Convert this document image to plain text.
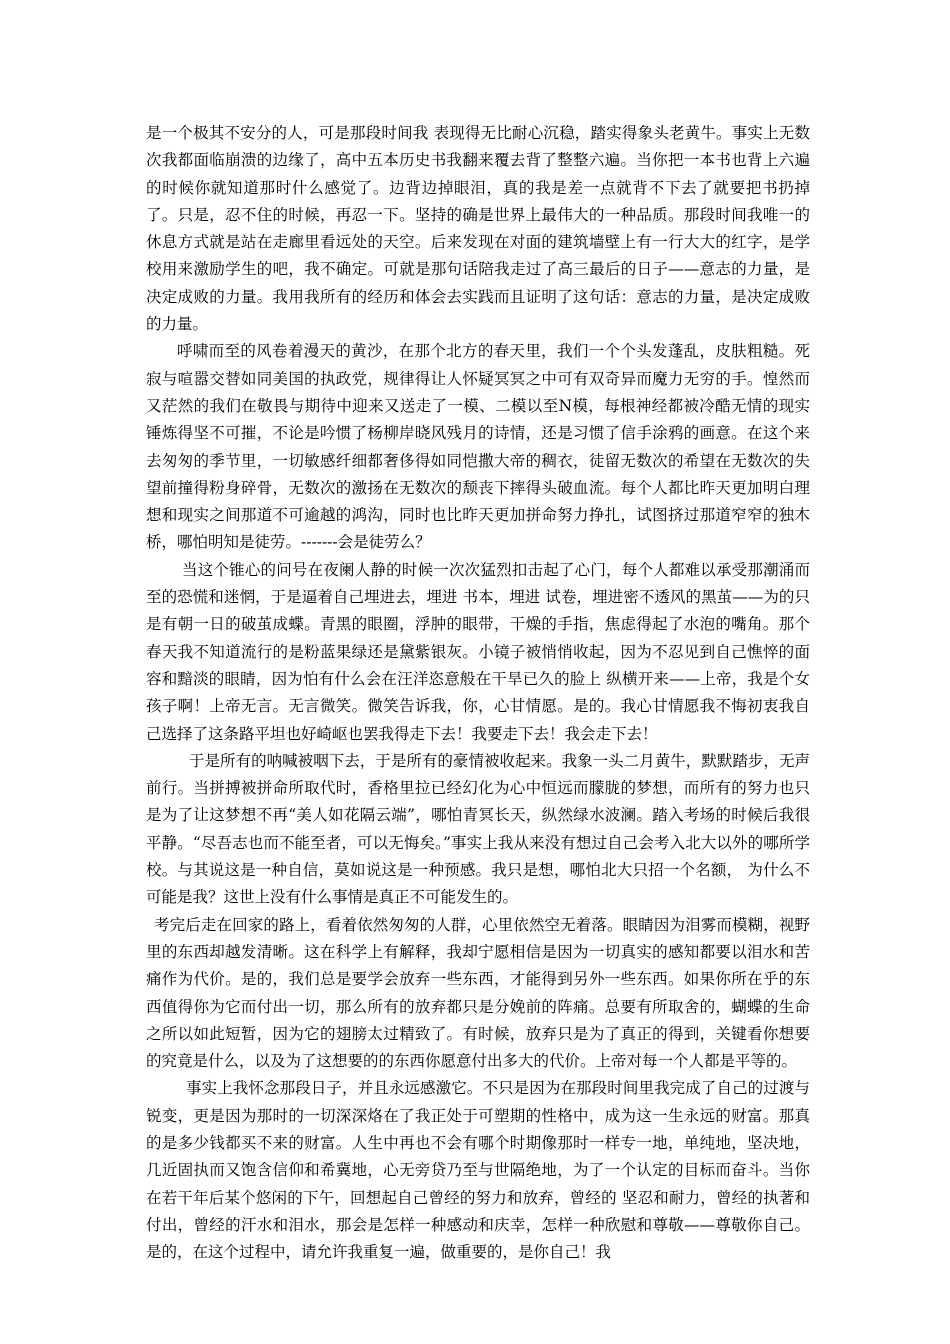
是一个极其不安分的人，可是那段时间我 表现得无比耐心沉稳，踏实得象头老黄牛。事实上无数次我都面临崩溃的边缘了，高中五本历史书我翻来覆去背了整整六遍。当你把一本书也背上六遍的时候你就知道那时什么感觉了。边背边掉眼泪，真的我是差一点就背不下去了就要把书扔掉了。只是，忍不住的时候，再忍一下。坚持的确是世界上最伟大的一种品质。那段时间我唯一的休息方式就是站在走廊里看远处的天空。后来发现在对面的建筑墙壁上有一行大大的红字，是学校用来激励学生的吧，我不确定。可就是那句话陪我走过了高三最后的日子——意志的力量，是决定成败的力量。我用我所有的经历和体会去实践而且证明了这句话：意志的力量，是决定成败的力量。

呼啸而至的风卷着漫天的黄沙，在那个北方的春天里，我们一个个头发蓬乱，皮肤粗糙。死寂与喧嚣交替如同美国的执政党，规律得让人怀疑冥冥之中可有双奇异而魔力无穷的手。惶然而又茫然的我们在敬畏与期待中迎来又送走了一模、二模以至N模，每根神经都被冷酷无情的现实锤炼得坚不可摧，不论是吟惯了杨柳岸晓风残月的诗情，还是习惯了信手涂鸦的画意。在这个来去匆匆的季节里，一切敏感纤细都奢侈得如同恺撒大帝的稠衣，徒留无数次的希望在无数次的失望前撞得粉身碎骨，无数次的激扬在无数次的颓丧下摔得头破血流。每个人都比昨天更加明白理想和现实之间那道不可逾越的鸿沟，同时也比昨天更加拼命努力挣扎，试图挤过那道窄窄的独木桥，哪怕明知是徒劳。-------会是徒劳么？

当这个锥心的问号在夜阑人静的时候一次次猛烈扣击起了心门，每个人都难以承受那潮涌而至的恐慌和迷惘，于是逼着自己埋进去，埋进 书本，埋进 试卷，埋进密不透风的黑茧——为的只是有朝一日的破茧成蝶。青黑的眼圈，浮肿的眼带，干燥的手指，焦虑得起了水泡的嘴角。那个春天我不知道流行的是粉蓝果绿还是黛紫银灰。小镜子被悄悄收起，因为不忍见到自己憔悴的面容和黯淡的眼睛，因为怕有什么会在汪洋恣意般在干旱已久的脸上 纵横开来——上帝，我是个女孩子啊！上帝无言。无言微笑。微笑告诉我，你，心甘情愿。是的。我心甘情愿我不悔初衷我自己选择了这条路平坦也好崎岖也罢我得走下去！我要走下去！我会走下去！

于是所有的呐喊被咽下去，于是所有的豪情被收起来。我象一头二月黄牛，默默踏步，无声前行。当拼搏被拼命所取代时，香格里拉已经幻化为心中恒远而朦胧的梦想，而所有的努力也只是为了让这梦想不再“美人如花隔云端”，哪怕青冥长天，纵然绿水波澜。踏入考场的时候后我很平静。“尽吾志也而不能至者，可以无悔矣。”事实上我从来没有想过自己会考入北大以外的哪所学校。与其说这是一种自信，莫如说这是一种预感。我只是想，哪怕北大只招一个名额， 为什么不可能是我？这世上没有什么事情是真正不可能发生的。

考完后走在回家的路上，看着依然匆匆的人群，心里依然空无着落。眼睛因为泪雾而模糊，视野里的东西却越发清晰。这在科学上有解释，我却宁愿相信是因为一切真实的感知都要以泪水和苦痛作为代价。是的，我们总是要学会放弃一些东西，才能得到另外一些东西。如果你所在乎的东西值得你为它而付出一切，那么所有的放弃都只是分娩前的阵痛。总要有所取舍的，蝴蝶的生命之所以如此短暂，因为它的翅膀太过精致了。有时候，放弃只是为了真正的得到，关键看你想要的究竟是什么，以及为了这想要的的东西你愿意付出多大的代价。上帝对每一个人都是平等的。

事实上我怀念那段日子，并且永远感激它。不只是因为在那段时间里我完成了自己的过渡与锐变，更是因为那时的一切深深烙在了我正处于可塑期的性格中，成为这一生永远的财富。那真的是多少钱都买不来的财富。人生中再也不会有哪个时期像那时一样专一地，单纯地，坚决地，几近固执而又饱含信仰和希冀地，心无旁贷乃至与世隔绝地，为了一个认定的目标而奋斗。当你在若干年后某个悠闲的下午，回想起自己曾经的努力和放弃，曾经的 坚忍和耐力，曾经的执著和付出，曾经的汗水和泪水，那会是怎样一种感动和庆幸，怎样一种欣慰和尊敬——尊敬你自己。是的，在这个过程中，请允许我重复一遍，做重要的，是你自己！我
